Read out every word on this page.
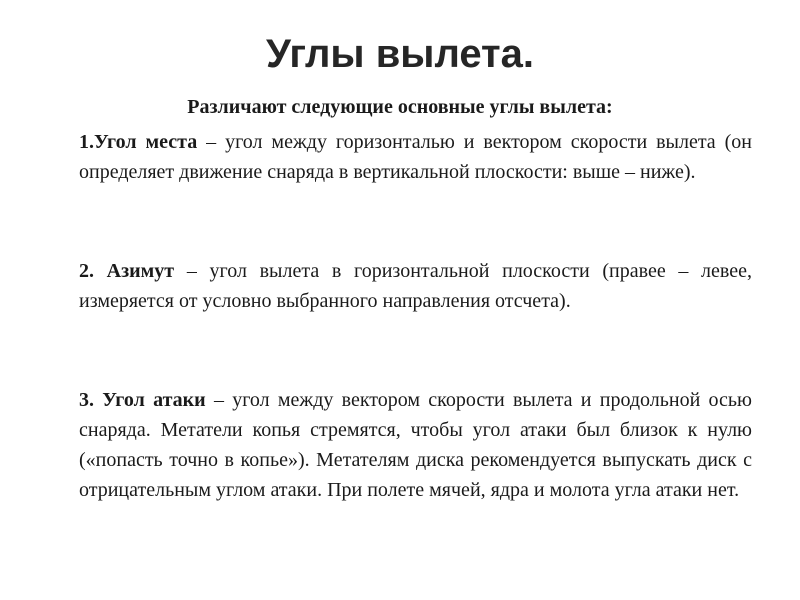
Углы вылета.

Различают следующие основные углы вылета:

1.Угол места – угол между горизонталью и вектором скорости вылета (он определяет движение снаряда в вертикальной плоскости: выше – ниже).

2. Азимут – угол вылета в горизонтальной плоскости (правее – левее, измеряется от условно выбранного направления отсчета).

3. Угол атаки – угол между вектором скорости вылета и продольной осью снаряда. Метатели копья стремятся, чтобы угол атаки был близок к нулю («попасть точно в копье»). Метателям диска рекомендуется выпускать диск с отрицательным углом атаки. При полете мячей, ядра и молота угла атаки нет.
